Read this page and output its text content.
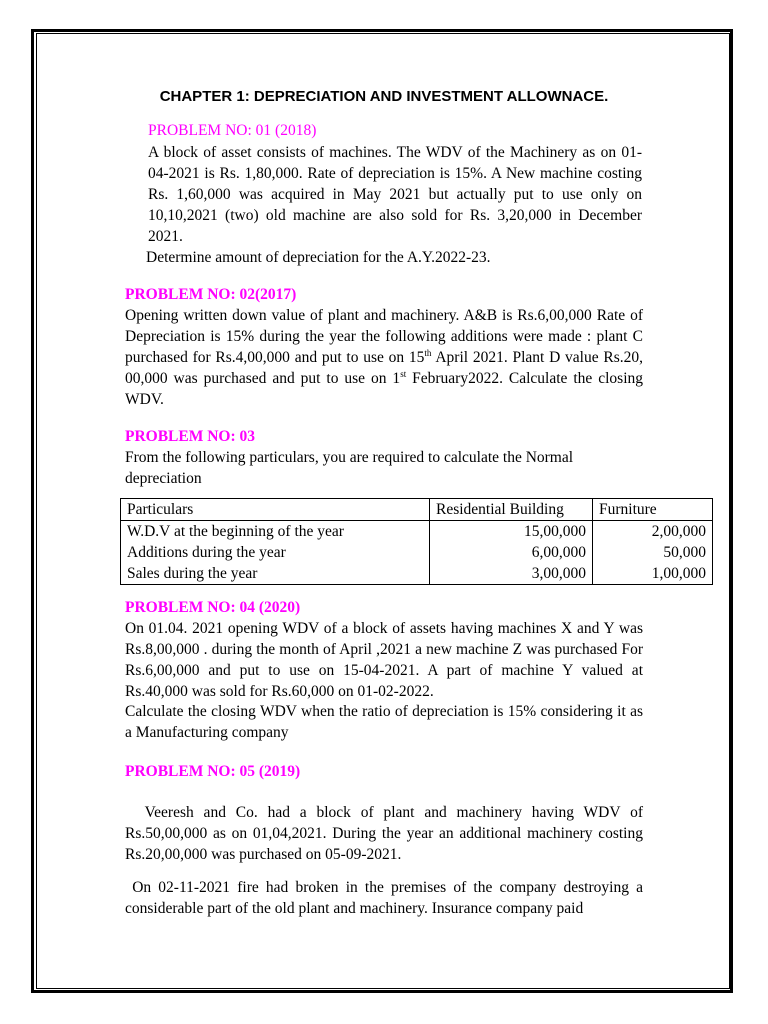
CHAPTER 1: DEPRECIATION AND INVESTMENT ALLOWNACE.
PROBLEM NO: 01 (2018)
A block of asset consists of machines. The WDV of the Machinery as on 01-04-2021 is Rs. 1,80,000. Rate of depreciation is 15%. A New machine costing Rs. 1,60,000 was acquired in May 2021 but actually put to use only on 10,10,2021 (two) old machine are also sold for Rs. 3,20,000 in December 2021.
Determine amount of depreciation for the A.Y.2022-23.
PROBLEM NO: 02(2017)
Opening written down value of plant and machinery. A&B is Rs.6,00,000 Rate of Depreciation is 15% during the year the following additions were made : plant C purchased for Rs.4,00,000 and put to use on 15th April 2021. Plant D value Rs.20, 00,000 was purchased and put to use on 1st February2022. Calculate the closing WDV.
PROBLEM NO: 03
From the following particulars, you are required to calculate the Normal depreciation
Particulars	Residential Building	Furniture
W.D.V at the beginning of the year	15,00,000	2,00,000
Additions during the year	6,00,000	50,000
Sales during the year	3,00,000	1,00,000
PROBLEM NO: 04 (2020)
On 01.04. 2021 opening WDV of a block of assets having machines X and Y was Rs.8,00,000 . during the month of April ,2021 a new machine Z was purchased For Rs.6,00,000 and put to use on 15-04-2021. A part of machine Y valued at Rs.40,000 was sold for Rs.60,000 on 01-02-2022.
Calculate the closing WDV when the ratio of depreciation is 15% considering it as a Manufacturing company
PROBLEM NO: 05 (2019)
Veeresh and Co. had a block of plant and machinery having WDV of Rs.50,00,000 as on 01,04,2021. During the year an additional machinery costing Rs.20,00,000 was purchased on 05-09-2021.
On 02-11-2021 fire had broken in the premises of the company destroying a considerable part of the old plant and machinery. Insurance company paid
